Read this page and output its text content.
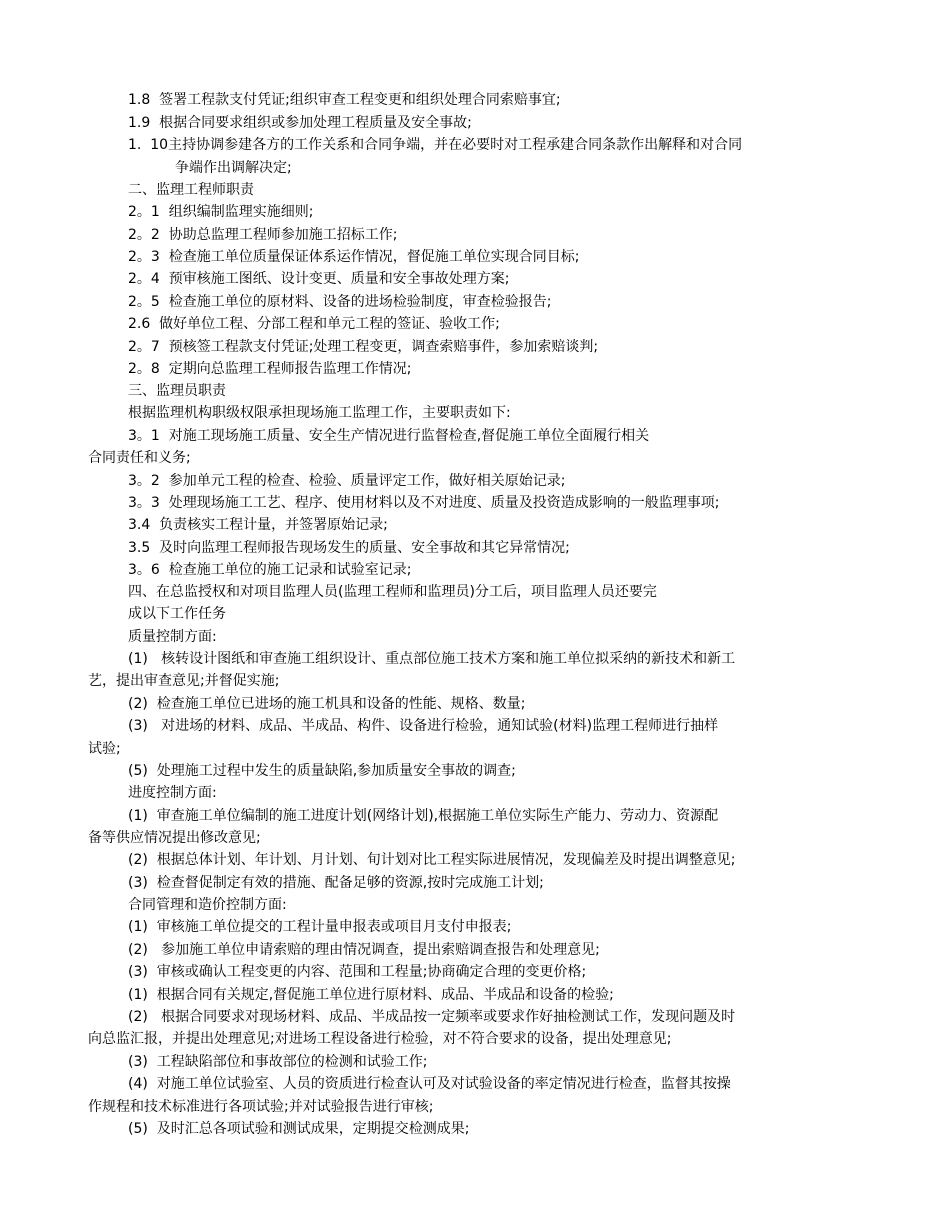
1.8  签署工程款支付凭证;组织审查工程变更和组织处理合同索赔事宜;
1.9  根据合同要求组织或参加处理工程质量及安全事故;
1.  10主持协调参建各方的工作关系和合同争端，并在必要时对工程承建合同条款作出解释和对合同
争端作出调解决定;
二、监理工程师职责
2。1  组织编制监理实施细则;
2。2  协助总监理工程师参加施工招标工作;
2。3  检查施工单位质量保证体系运作情况，督促施工单位实现合同目标;
2。4  预审核施工图纸、设计变更、质量和安全事故处理方案;
2。5  检查施工单位的原材料、设备的进场检验制度，审查检验报告;
2.6  做好单位工程、分部工程和单元工程的签证、验收工作;
2。7  预核签工程款支付凭证;处理工程变更，调查索赔事件，参加索赔谈判;
2。8  定期向总监理工程师报告监理工作情况;
三、监理员职责
根据监理机构职级权限承担现场施工监理工作，主要职责如下:
3。1  对施工现场施工质量、安全生产情况进行监督检查,督促施工单位全面履行相关
合同责任和义务;
3。2  参加单元工程的检查、检验、质量评定工作，做好相关原始记录;
3。3  处理现场施工工艺、程序、使用材料以及不对进度、质量及投资造成影响的一般监理事项;
3.4  负责核实工程计量，并签署原始记录;
3.5  及时向监理工程师报告现场发生的质量、安全事故和其它异常情况;
3。6  检查施工单位的施工记录和试验室记录;
四、在总监授权和对项目监理人员(监理工程师和监理员)分工后，项目监理人员还要完
成以下工作任务
质量控制方面:
(1)   核转设计图纸和审查施工组织设计、重点部位施工技术方案和施工单位拟采纳的新技术和新工
艺，提出审查意见;并督促实施;
(2)  检查施工单位已进场的施工机具和设备的性能、规格、数量;
(3)   对进场的材料、成品、半成品、构件、设备进行检验，通知试验(材料)监理工程师进行抽样
试验;
(5)  处理施工过程中发生的质量缺陷,参加质量安全事故的调查;
进度控制方面:
(1)  审查施工单位编制的施工进度计划(网络计划),根据施工单位实际生产能力、劳动力、资源配
备等供应情况提出修改意见;
(2)  根据总体计划、年计划、月计划、旬计划对比工程实际进展情况，发现偏差及时提出调整意见;
(3)  检查督促制定有效的措施、配备足够的资源,按时完成施工计划;
合同管理和造价控制方面:
(1)  审核施工单位提交的工程计量申报表或项目月支付申报表;
(2)   参加施工单位申请索赔的理由情况调查，提出索赔调查报告和处理意见;
(3)  审核或确认工程变更的内容、范围和工程量;协商确定合理的变更价格;
(1)  根据合同有关规定,督促施工单位进行原材料、成品、半成品和设备的检验;
(2)   根据合同要求对现场材料、成品、半成品按一定频率或要求作好抽检测试工作，发现问题及时
向总监汇报，并提出处理意见;对进场工程设备进行检验，对不符合要求的设备，提出处理意见;
(3)  工程缺陷部位和事故部位的检测和试验工作;
(4)  对施工单位试验室、人员的资质进行检查认可及对试验设备的率定情况进行检查，监督其按操
作规程和技术标准进行各项试验;并对试验报告进行审核;
(5)  及时汇总各项试验和测试成果，定期提交检测成果;
